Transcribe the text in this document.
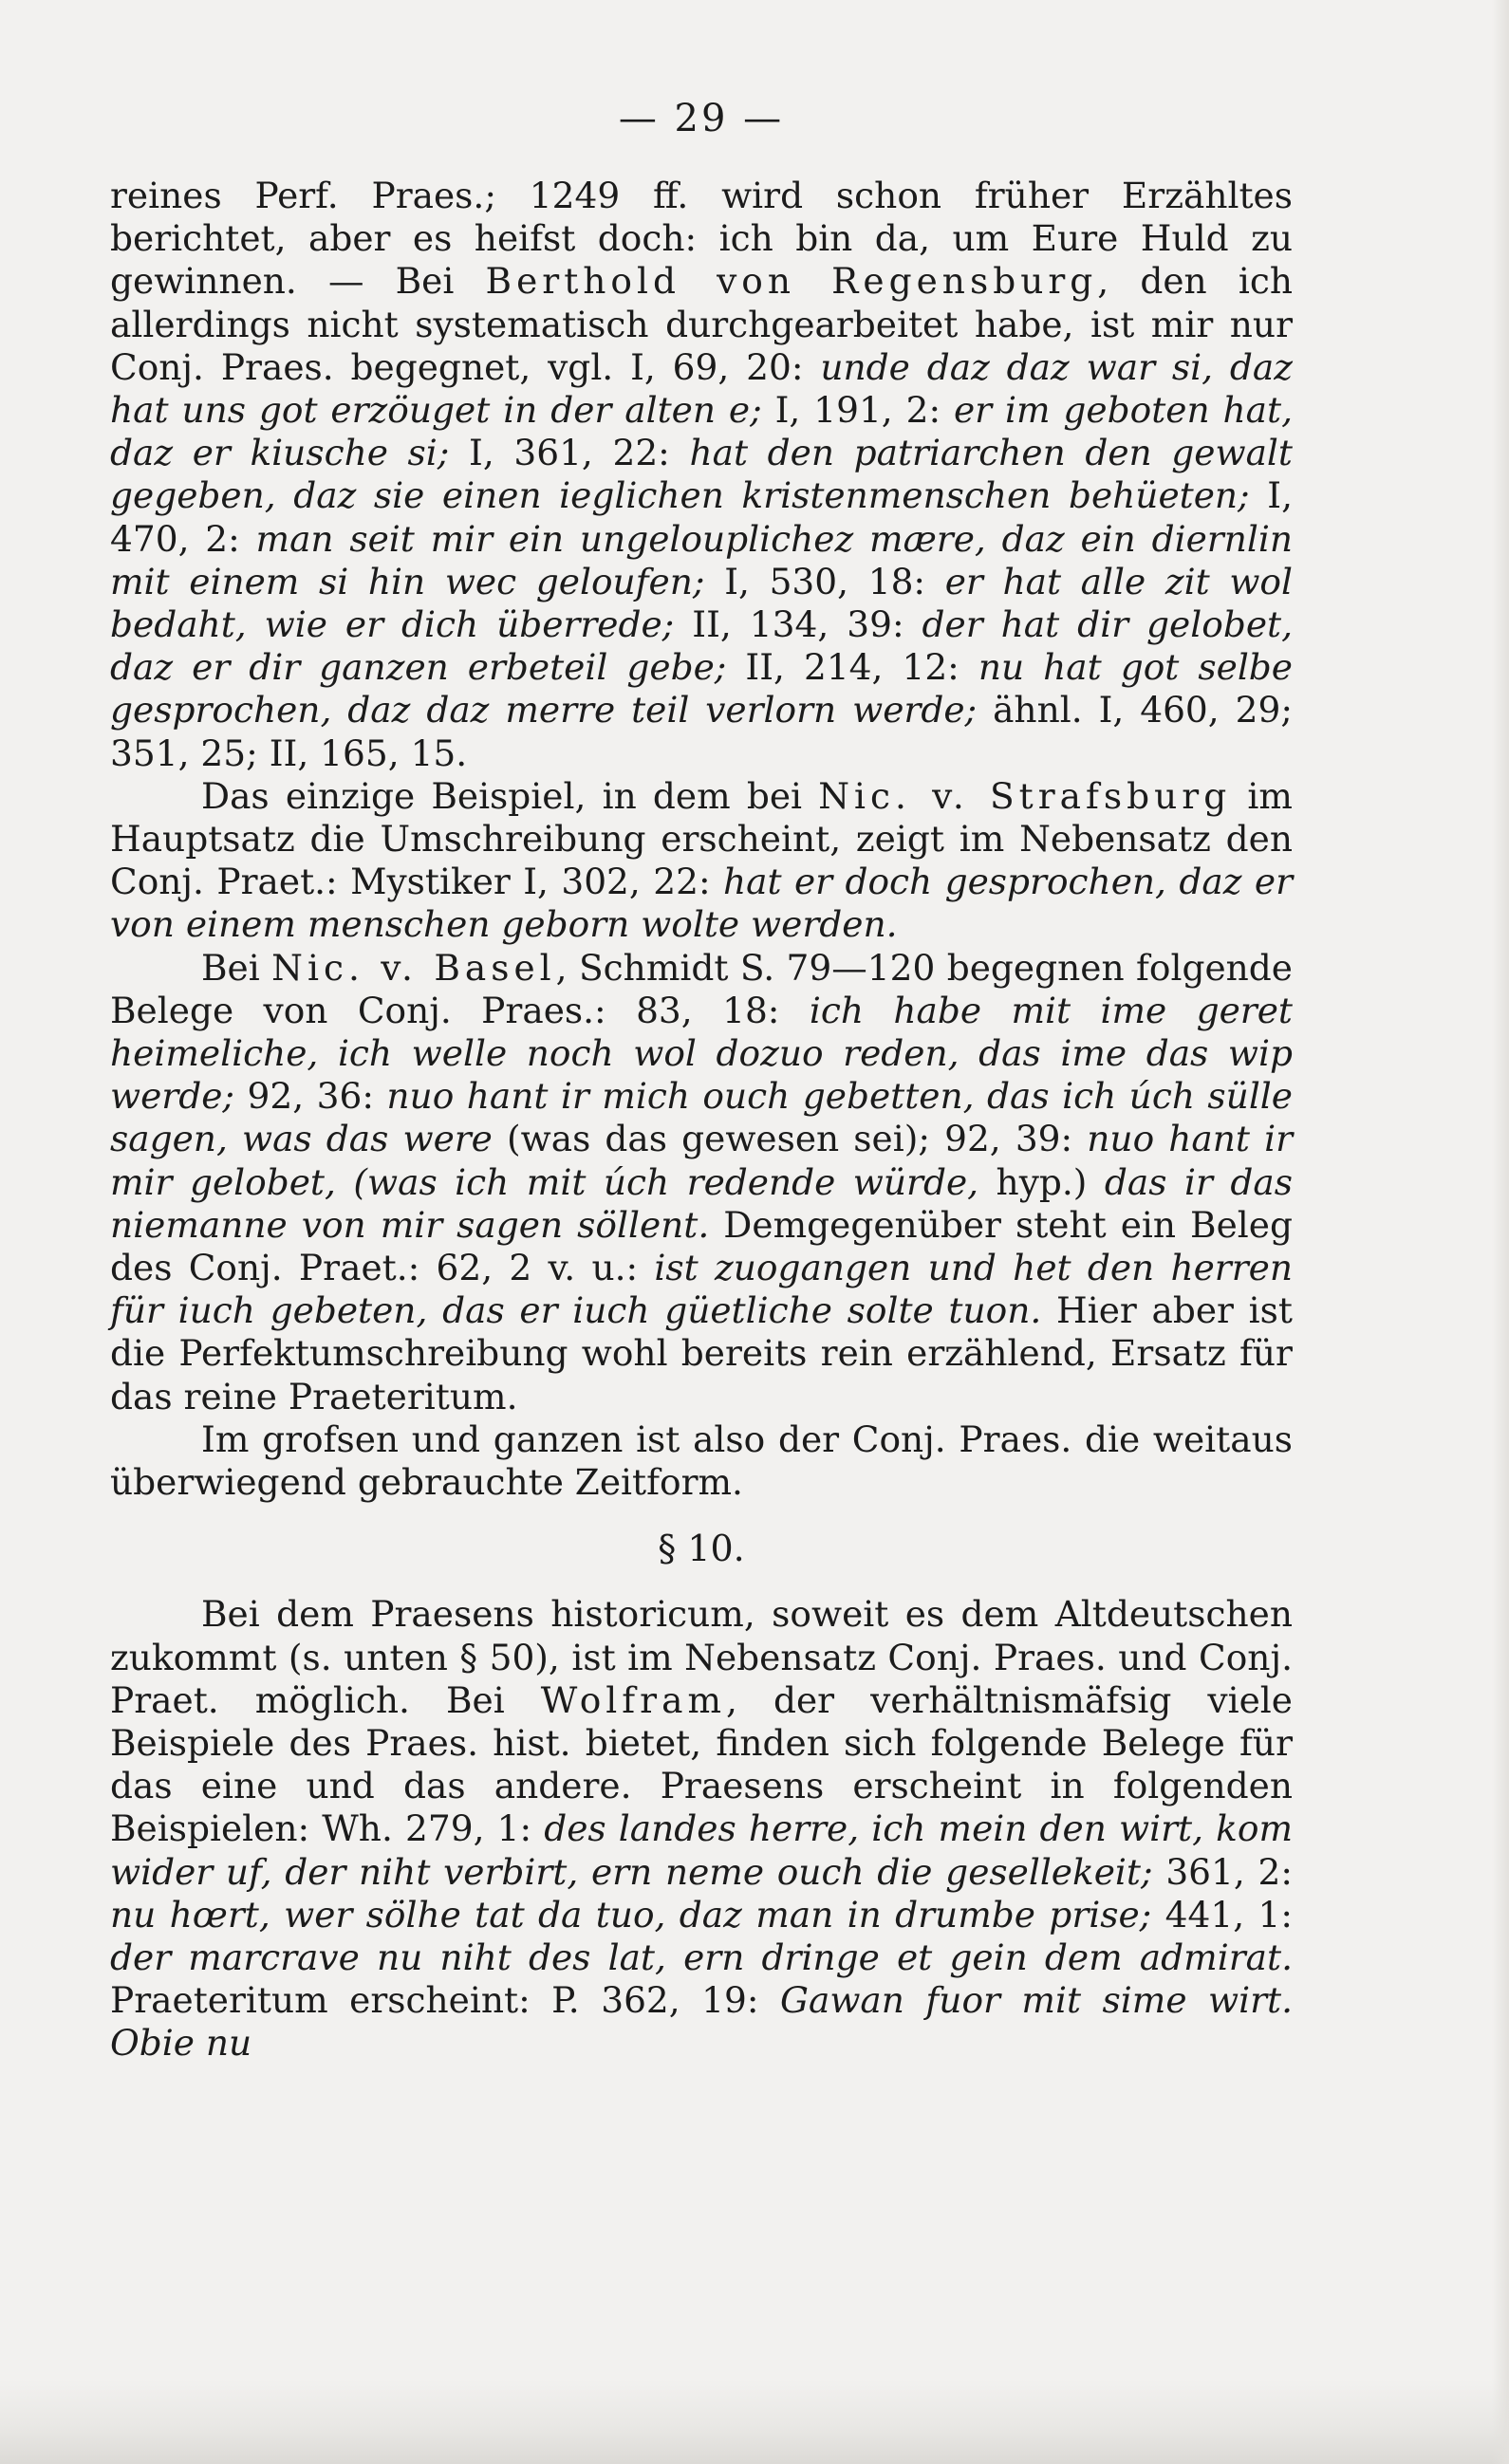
— 29 —

reines Perf. Praes.; 1249 ff. wird schon früher Erzähltes berichtet, aber es heifst doch: ich bin da, um Eure Huld zu gewinnen. — Bei Berthold von Regensburg, den ich allerdings nicht systematisch durchgearbeitet habe, ist mir nur Conj. Praes. begegnet, vgl. I, 69, 20: unde daz daz war si, daz hat uns got erzöuget in der alten e; I, 191, 2: er im geboten hat, daz er kiusche si; I, 361, 22: hat den patriarchen den gewalt gegeben, daz sie einen ieglichen kristenmenschen behüeten; I, 470, 2: man seit mir ein ungelouplichez mære, daz ein diernlin mit einem si hin wec geloufen; I, 530, 18: er hat alle zit wol bedaht, wie er dich überrede; II, 134, 39: der hat dir gelobet, daz er dir ganzen erbeteil gebe; II, 214, 12: nu hat got selbe gesprochen, daz daz merre teil verlorn werde; ähnl. I, 460, 29; 351, 25; II, 165, 15.

Das einzige Beispiel, in dem bei Nic. v. Strafsburg im Hauptsatz die Umschreibung erscheint, zeigt im Nebensatz den Conj. Praet.: Mystiker I, 302, 22: hat er doch gesprochen, daz er von einem menschen geborn wolte werden.

Bei Nic. v. Basel, Schmidt S. 79—120 begegnen folgende Belege von Conj. Praes.: 83, 18: ich habe mit ime geret heimeliche, ich welle noch wol dozuo reden, das ime das wip werde; 92, 36: nuo hant ir mich ouch gebetten, das ich úch sülle sagen, was das were (was das gewesen sei); 92, 39: nuo hant ir mir gelobet, (was ich mit úch redende würde, hyp.) das ir das niemanne von mir sagen söllent. Demgegenüber steht ein Beleg des Conj. Praet.: 62, 2 v. u.: ist zuogangen und het den herren für iuch gebeten, das er iuch güetliche solte tuon. Hier aber ist die Perfektumschreibung wohl bereits rein erzählend, Ersatz für das reine Praeteritum.

Im grofsen und ganzen ist also der Conj. Praes. die weitaus überwiegend gebrauchte Zeitform.

§ 10.

Bei dem Praesens historicum, soweit es dem Altdeutschen zukommt (s. unten § 50), ist im Nebensatz Conj. Praes. und Conj. Praet. möglich. Bei Wolfram, der verhältnismäfsig viele Beispiele des Praes. hist. bietet, finden sich folgende Belege für das eine und das andere. Praesens erscheint in folgenden Beispielen: Wh. 279, 1: des landes herre, ich mein den wirt, kom wider uf, der niht verbirt, ern neme ouch die gesellekeit; 361, 2: nu hœrt, wer sölhe tat da tuo, daz man in drumbe prise; 441, 1: der marcrave nu niht des lat, ern dringe et gein dem admirat. Praeteritum erscheint: P. 362, 19: Gawan fuor mit sime wirt. Obie nu
